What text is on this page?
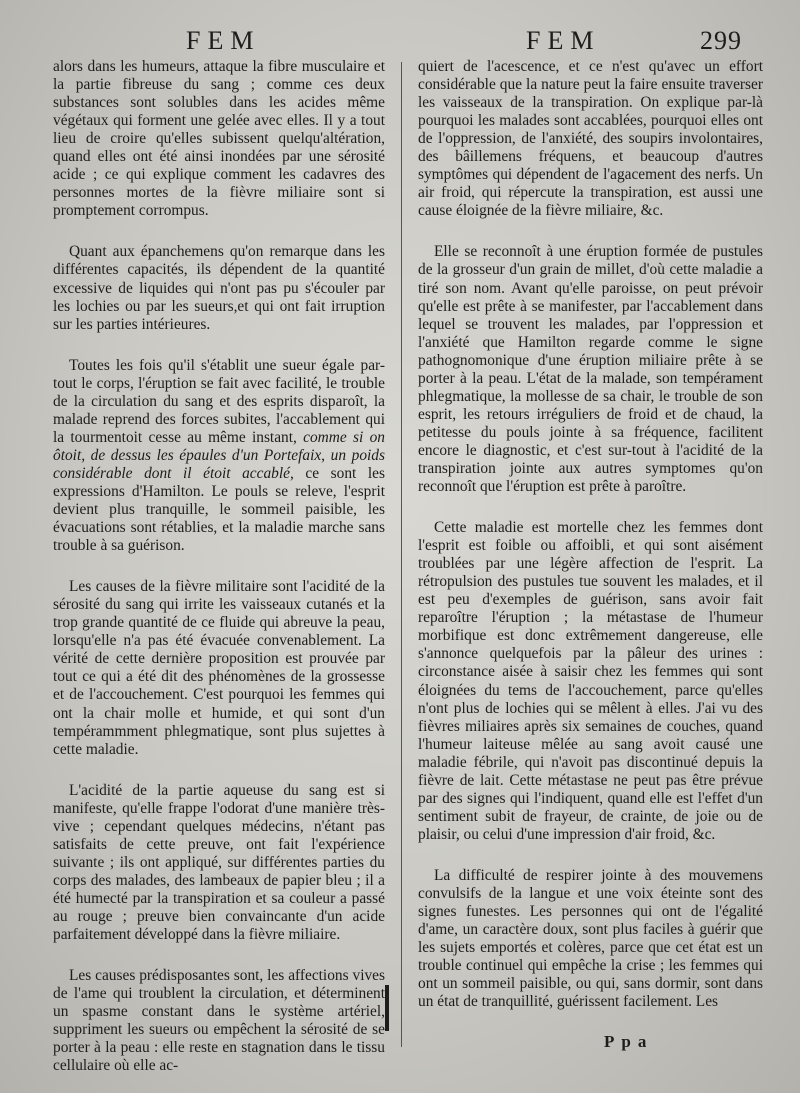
FEM	FEM	299

alors dans les humeurs, attaque la fibre musculaire et la partie fibreuse du sang ; comme ces deux substances sont solubles dans les acides même végétaux qui forment une gelée avec elles. Il y a tout lieu de croire qu'elles subissent quelqu'altération, quand elles ont été ainsi inondées par une sérosité acide ; ce qui explique comment les cadavres des personnes mortes de la fièvre miliaire sont si promptement corrompus.

Quant aux épanchemens qu'on remarque dans les différentes capacités, ils dépendent de la quantité excessive de liquides qui n'ont pas pu s'écouler par les lochies ou par les sueurs,et qui ont fait irruption sur les parties intérieures.

Toutes les fois qu'il s'établit une sueur égale par-tout le corps, l'éruption se fait avec facilité, le trouble de la circulation du sang et des esprits disparoît, la malade reprend des forces subites, l'accablement qui la tourmentoit cesse au même instant, comme si on ôtoit, de dessus les épaules d'un Portefaix, un poids considérable dont il étoit accablé, ce sont les expressions d'Hamilton. Le pouls se releve, l'esprit devient plus tranquille, le sommeil paisible, les évacuations sont rétablies, et la maladie marche sans trouble à sa guérison.

Les causes de la fièvre militaire sont l'acidité de la sérosité du sang qui irrite les vaisseaux cutanés et la trop grande quantité de ce fluide qui abreuve la peau, lorsqu'elle n'a pas été évacuée convenablement. La vérité de cette dernière proposition est prouvée par tout ce qui a été dit des phénomènes de la grossesse et de l'accouchement. C'est pourquoi les femmes qui ont la chair molle et humide, et qui sont d'un tempérammment phlegmatique, sont plus sujettes à cette maladie.

L'acidité de la partie aqueuse du sang est si manifeste, qu'elle frappe l'odorat d'une manière très-vive ; cependant quelques médecins, n'étant pas satisfaits de cette preuve, ont fait l'expérience suivante ; ils ont appliqué, sur différentes parties du corps des malades, des lambeaux de papier bleu ; il a été humecté par la transpiration et sa couleur a passé au rouge ; preuve bien convaincante d'un acide parfaitement développé dans la fièvre miliaire.

Les causes prédisposantes sont, les affections vives de l'ame qui troublent la circulation, et déterminent un spasme constant dans le système artériel, suppriment les sueurs ou empêchent la sérosité de se porter à la peau : elle reste en stagnation dans le tissu cellulaire où elle ac-

quiert de l'acescence, et ce n'est qu'avec un effort considérable que la nature peut la faire ensuite traverser les vaisseaux de la transpiration. On explique par-là pourquoi les malades sont accablées, pourquoi elles ont de l'oppression, de l'anxiété, des soupirs involontaires, des bâillemens fréquens, et beaucoup d'autres symptômes qui dépendent de l'agacement des nerfs. Un air froid, qui répercute la transpiration, est aussi une cause éloignée de la fièvre miliaire, &c.

Elle se reconnoît à une éruption formée de pustules de la grosseur d'un grain de millet, d'où cette maladie a tiré son nom. Avant qu'elle paroisse, on peut prévoir qu'elle est prête à se manifester, par l'accablement dans lequel se trouvent les malades, par l'oppression et l'anxiété que Hamilton regarde comme le signe pathognomonique d'une éruption miliaire prête à se porter à la peau. L'état de la malade, son tempérament phlegmatique, la mollesse de sa chair, le trouble de son esprit, les retours irréguliers de froid et de chaud, la petitesse du pouls jointe à sa fréquence, facilitent encore le diagnostic, et c'est sur-tout à l'acidité de la transpiration jointe aux autres symptomes qu'on reconnoît que l'éruption est prête à paroître.

Cette maladie est mortelle chez les femmes dont l'esprit est foible ou affoibli, et qui sont aisément troublées par une légère affection de l'esprit. La rétropulsion des pustules tue souvent les malades, et il est peu d'exemples de guérison, sans avoir fait reparoître l'éruption ; la métastase de l'humeur morbifique est donc extrêmement dangereuse, elle s'annonce quelquefois par la pâleur des urines : circonstance aisée à saisir chez les femmes qui sont éloignées du tems de l'accouchement, parce qu'elles n'ont plus de lochies qui se mêlent à elles. J'ai vu des fièvres miliaires après six semaines de couches, quand l'humeur laiteuse mêlée au sang avoit causé une maladie fébrile, qui n'avoit pas discontinué depuis la fièvre de lait. Cette métastase ne peut pas être prévue par des signes qui l'indiquent, quand elle est l'effet d'un sentiment subit de frayeur, de crainte, de joie ou de plaisir, ou celui d'une impression d'air froid, &c.

La difficulté de respirer jointe à des mouvemens convulsifs de la langue et une voix éteinte sont des signes funestes. Les personnes qui ont de l'égalité d'ame, un caractère doux, sont plus faciles à guérir que les sujets emportés et colères, parce que cet état est un trouble continuel qui empêche la crise ; les femmes qui ont un sommeil paisible, ou qui, sans dormir, sont dans un état de tranquillité, guérissent facilement. Les

Ppa
